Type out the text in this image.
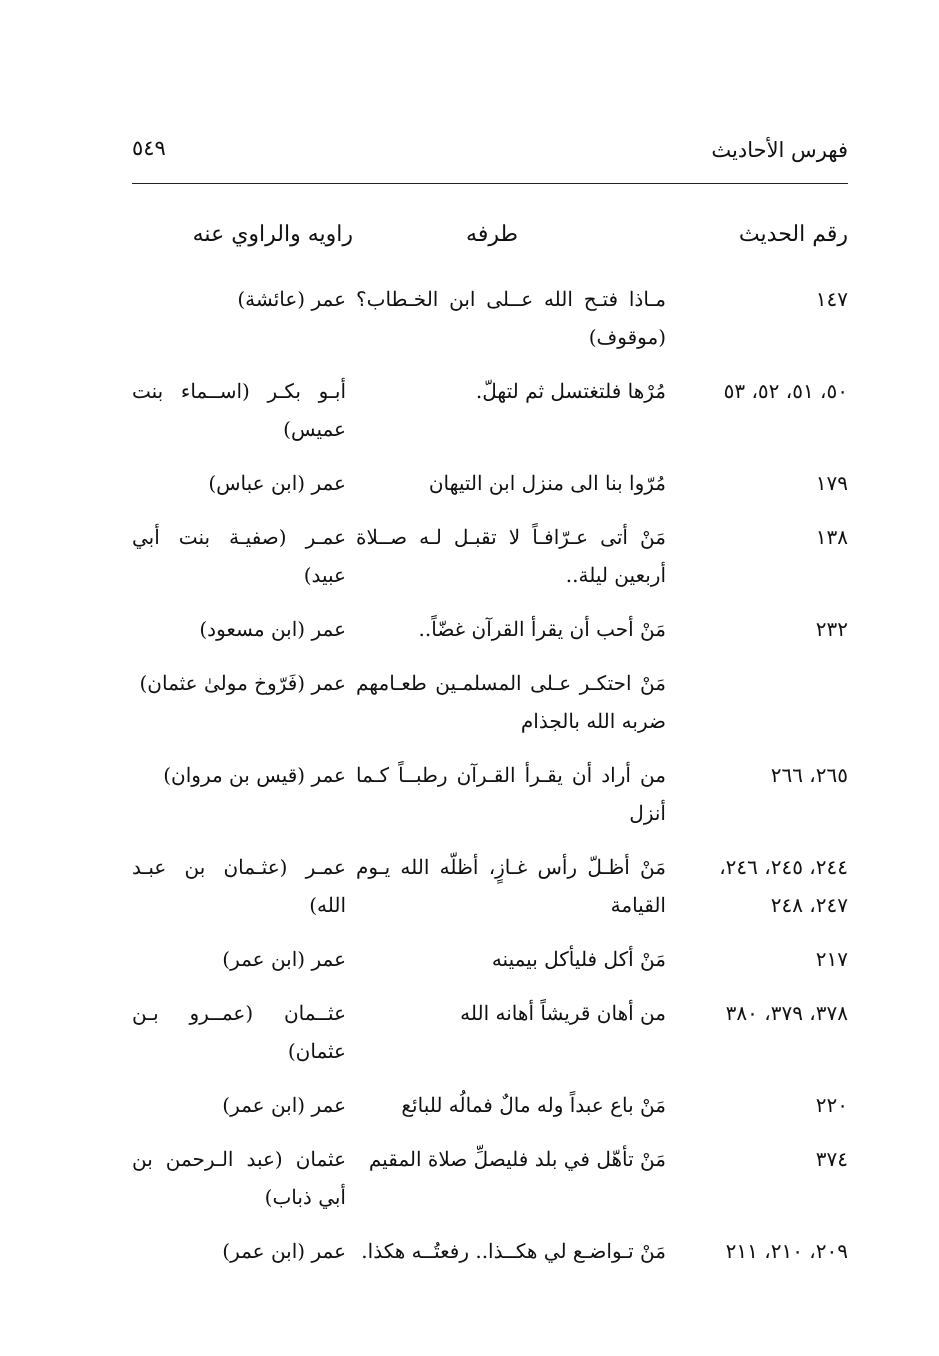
فهرس الأحاديث
٥٤٩
رقم الحديث
طرفه
راويه والراوي عنه
١٤٧
مـاذا فتـح الله عــلى ابن الخـطاب؟ (موقوف)
عمر (عائشة)
٥٠، ٥١، ٥٢، ٥٣
مُرْها فلتغتسل ثم لتهلّ.
أبـو بكـر (اســماء بنت عميس)
١٧٩
مُرّوا بنا الى منزل ابن التيهان
عمر (ابن عباس)
١٣٨
مَنْ أتى عـرّافـاً لا تقبـل لـه صــلاة أربعين ليلة..
عمـر (صفيـة بنت أبي عبيد)
٢٣٢
مَنْ أحب أن يقرأ القرآن غضّاً..
عمر (ابن مسعود)

مَنْ احتكـر عـلى المسلمـين طعـامهم ضربه الله بالجذام
عمر (فَرّوخ مولىٰ عثمان)
٢٦٥، ٢٦٦
من أراد أن يقـرأ القـرآن رطبــاً كـما أنزل
عمر (قيس بن مروان)
٢٤٤، ٢٤٥، ٢٤٦، ٢٤٧، ٢٤٨
مَنْ أظـلّ رأس غـازٍ، أظلّه الله يـوم القيامة
عمـر (عثـمان بن عبـد الله)
٢١٧
مَنْ أكل فليأكل بيمينه
عمر (ابن عمر)
٣٧٨، ٣٧٩، ٣٨٠
من أهان قريشاً أهانه الله
عثــمان (عمــرو بـن عثمان)
٢٢٠
مَنْ باع عبداً وله مالٌ فمالُه للبائع
عمر (ابن عمر)
٣٧٤
مَنْ تأهّل في بلد فليصلِّ صلاة المقيم
عثمان (عبد الـرحمن بن أبي ذباب)
٢٠٩، ٢١٠، ٢١١
مَنْ تـواضـع لي هكــذا.. رفعتُــه هكذا.
عمر (ابن عمر)
